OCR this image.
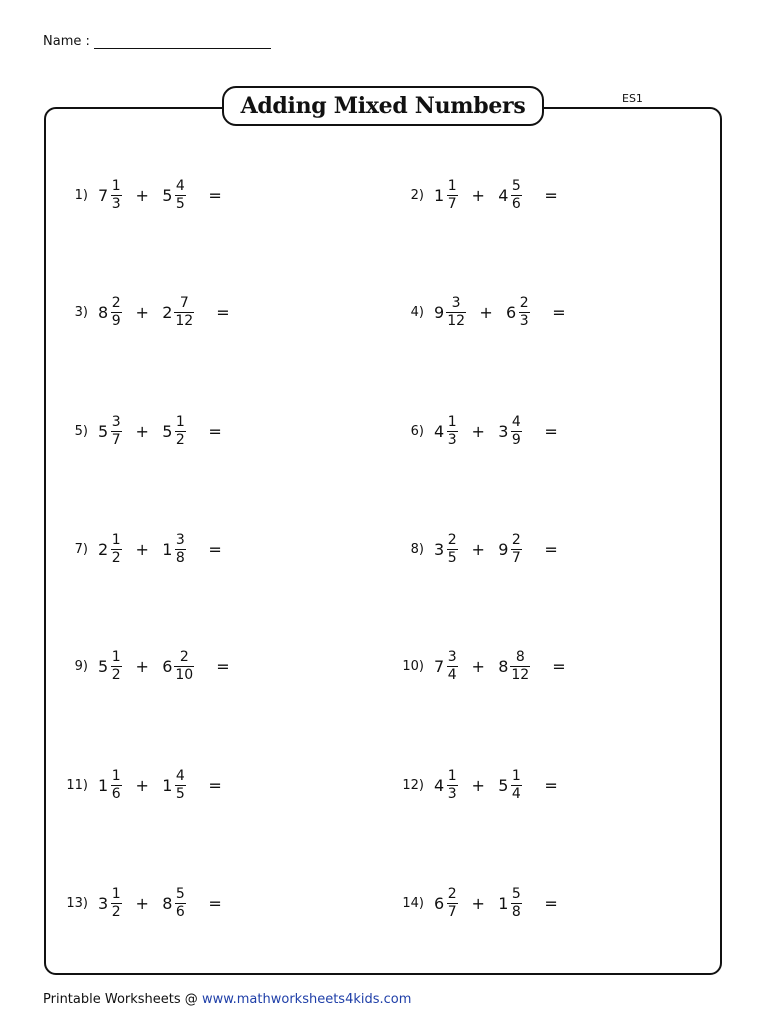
Name :
ES1
Adding Mixed Numbers
1) $7 \frac{1}{3} + 5 \frac{4}{5}$ =	2) $1 \frac{1}{7} + 4 \frac{5}{6}$ =
3) $8 \frac{2}{9} + 2 \frac{7}{12}$ =	4) $9 \frac{3}{12} + 6 \frac{2}{3}$ =
5) $5 \frac{3}{7} + 5 \frac{1}{2}$ =	6) $4 \frac{1}{3} + 3 \frac{4}{9}$ =
7) $2 \frac{1}{2} + 1 \frac{3}{8}$ =	8) $3 \frac{2}{5} + 9 \frac{2}{7}$ =
9) $5 \frac{1}{2} + 6 \frac{2}{10}$ =	10) $7 \frac{3}{4} + 8 \frac{8}{12}$ =
11) $1 \frac{1}{6} + 1 \frac{4}{5}$ =	12) $4 \frac{1}{3} + 5 \frac{1}{4}$ =
13) $3 \frac{1}{2} + 8 \frac{5}{6}$ =	14) $6 \frac{2}{7} + 1 \frac{5}{8}$ =
Printable Worksheets @ www.mathworksheets4kids.com
